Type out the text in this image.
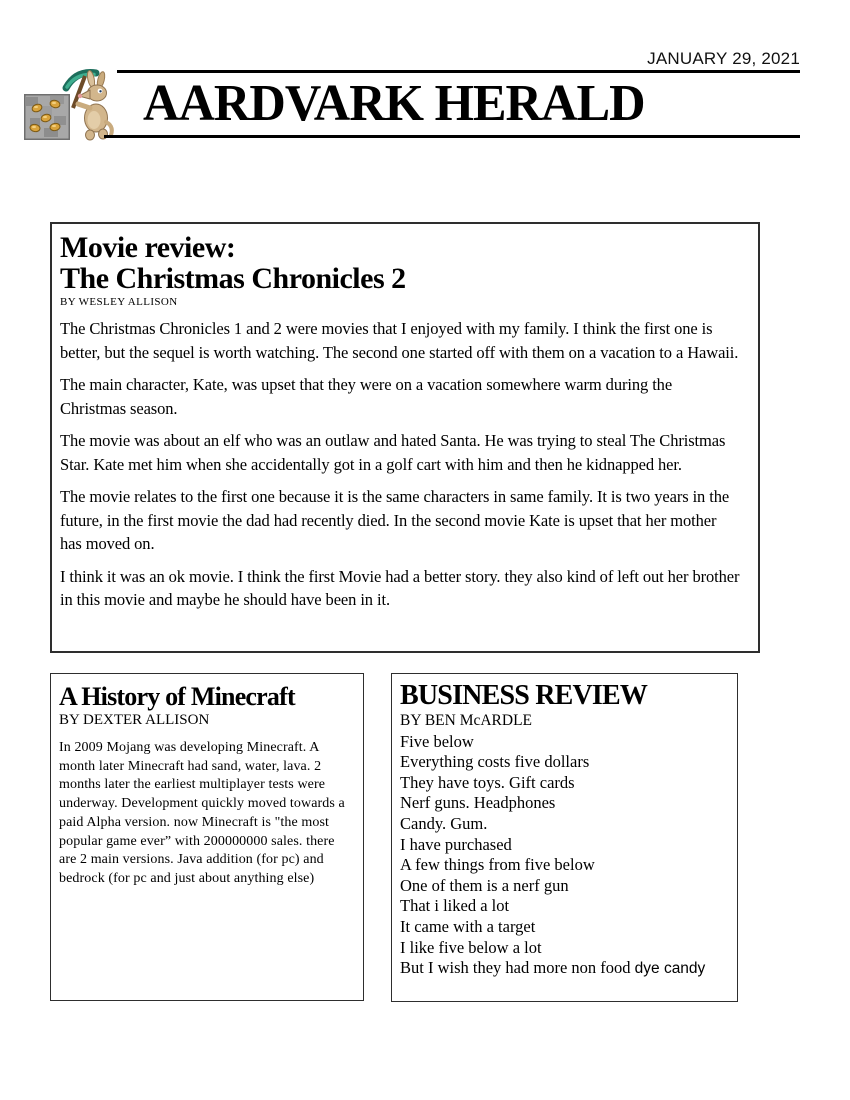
JANUARY 29, 2021
AARDVARK HERALD
Movie review:
The Christmas Chronicles 2
BY WESLEY ALLISON
The Christmas Chronicles 1 and 2 were movies that I enjoyed with my family. I think the first one is better, but the sequel is worth watching. The second one started off with them on a vacation to a Hawaii.
The main character, Kate, was upset that they were on a vacation somewhere warm during the Christmas season.
The movie was about an elf who was an outlaw and hated Santa. He was trying to steal The Christmas Star. Kate met him when she accidentally got in a golf cart with him and then he kidnapped her.
The movie relates to the first one because it is the same characters in same family. It is two years in the future, in the first movie the dad had recently died. In the second movie Kate is upset that her mother has moved on.
I think it was an ok movie. I think the first Movie had a better story. they also kind of left out her brother in this movie and maybe he should have been in it.
A History of Minecraft
BY DEXTER ALLISON
In 2009 Mojang was developing Minecraft. A month later Minecraft had sand, water, lava. 2 months later the earliest multiplayer tests were underway. Development quickly moved towards a paid Alpha version. now Minecraft is "the most popular game ever” with 200000000 sales. there are 2 main versions. Java addition (for pc) and bedrock (for pc and just about anything else)
BUSINESS REVIEW
BY BEN McARDLE
Five below
Everything costs five dollars
They have toys. Gift cards
Nerf guns. Headphones
Candy. Gum.
I have purchased
A few things from five below
One of them is a nerf gun
That i liked a lot
It came with a target
I like five below a lot
But I wish they had more non food dye candy
